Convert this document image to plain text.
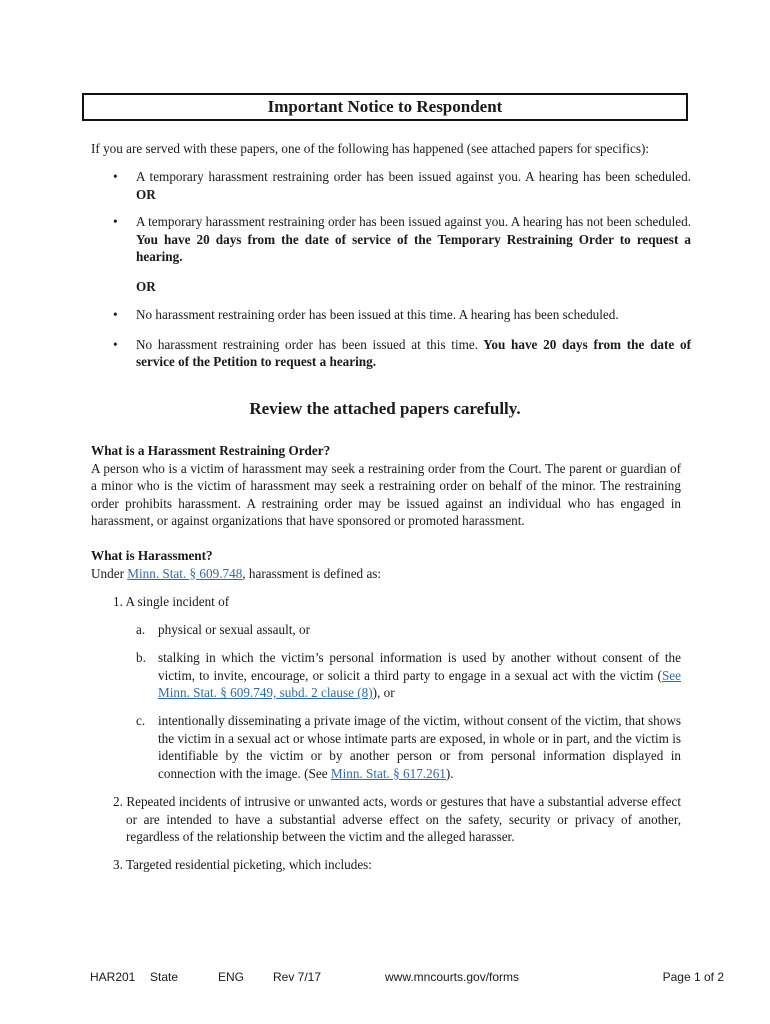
Important Notice to Respondent
If you are served with these papers, one of the following has happened (see attached papers for specifics):
• A temporary harassment restraining order has been issued against you. A hearing has been scheduled. OR
• A temporary harassment restraining order has been issued against you. A hearing has not been scheduled. You have 20 days from the date of service of the Temporary Restraining Order to request a hearing.
OR
• No harassment restraining order has been issued at this time. A hearing has been scheduled.
• No harassment restraining order has been issued at this time. You have 20 days from the date of service of the Petition to request a hearing.
Review the attached papers carefully.
What is a Harassment Restraining Order?
A person who is a victim of harassment may seek a restraining order from the Court. The parent or guardian of a minor who is the victim of harassment may seek a restraining order on behalf of the minor. The restraining order prohibits harassment. A restraining order may be issued against an individual who has engaged in harassment, or against organizations that have sponsored or promoted harassment.
What is Harassment?
Under Minn. Stat. § 609.748, harassment is defined as:
1. A single incident of
a. physical or sexual assault, or
b. stalking in which the victim’s personal information is used by another without consent of the victim, to invite, encourage, or solicit a third party to engage in a sexual act with the victim (See Minn. Stat. § 609.749, subd. 2 clause (8)), or
c. intentionally disseminating a private image of the victim, without consent of the victim, that shows the victim in a sexual act or whose intimate parts are exposed, in whole or in part, and the victim is identifiable by the victim or by another person or from personal information displayed in connection with the image. (See Minn. Stat. § 617.261).
2. Repeated incidents of intrusive or unwanted acts, words or gestures that have a substantial adverse effect or are intended to have a substantial adverse effect on the safety, security or privacy of another, regardless of the relationship between the victim and the alleged harasser.
3. Targeted residential picketing, which includes:
HAR201 State	ENG Rev 7/17	www.mncourts.gov/forms	Page 1 of 2
